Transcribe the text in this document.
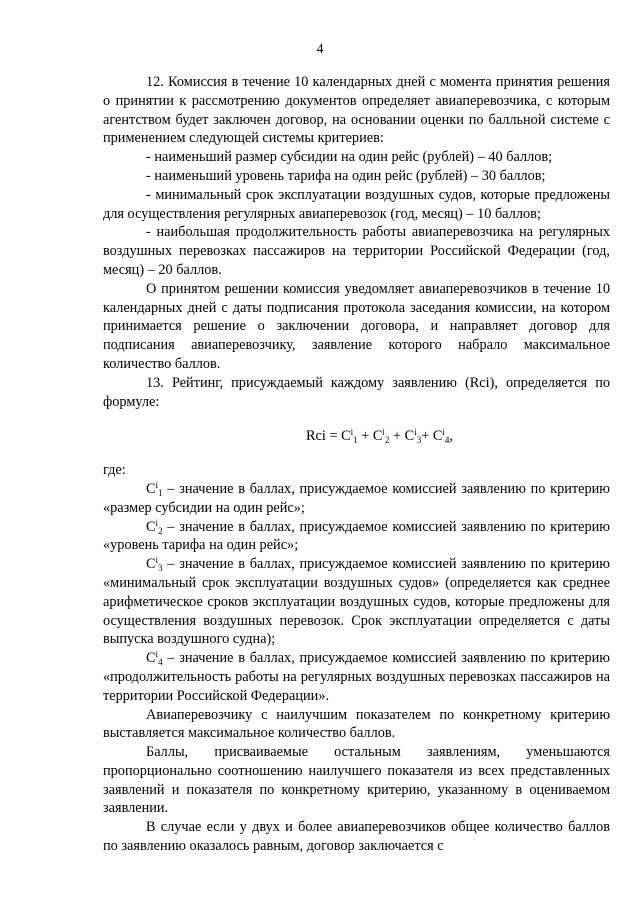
4

12. Комиссия в течение 10 календарных дней с момента принятия решения о принятии к рассмотрению документов определяет авиаперевозчика, с которым агентством будет заключен договор, на основании оценки по балльной системе с применением следующей системы критериев:

- наименьший размер субсидии на один рейс (рублей) – 40 баллов;

- наименьший уровень тарифа на один рейс (рублей) – 30 баллов;

- минимальный срок эксплуатации воздушных судов, которые предложены для осуществления регулярных авиаперевозок (год, месяц) – 10 баллов;

- наибольшая продолжительность работы авиаперевозчика на регулярных воздушных перевозках пассажиров на территории Российской Федерации (год, месяц) – 20 баллов.

О принятом решении комиссия уведомляет авиаперевозчиков в течение 10 календарных дней с даты подписания протокола заседания комиссии, на котором принимается решение о заключении договора, и направляет договор для подписания авиаперевозчику, заявление которого набрало максимальное количество баллов.

13. Рейтинг, присуждаемый каждому заявлению (Rci), определяется по формуле:

Rci = $C^i_1 + C^i_2 + C^i_3+ C^i_4$,

где:

$C^i_1$ – значение в баллах, присуждаемое комиссией заявлению по критерию «размер субсидии на один рейс»;

$C^i_2$ – значение в баллах, присуждаемое комиссией заявлению по критерию «уровень тарифа на один рейс»;

$C^i_3$ – значение в баллах, присуждаемое комиссией заявлению по критерию «минимальный срок эксплуатации воздушных судов» (определяется как среднее арифметическое сроков эксплуатации воздушных судов, которые предложены для осуществления воздушных перевозок. Срок эксплуатации определяется с даты выпуска воздушного судна);

$C^i_4$ – значение в баллах, присуждаемое комиссией заявлению по критерию «продолжительность работы на регулярных воздушных перевозках пассажиров на территории Российской Федерации».

Авиаперевозчику с наилучшим показателем по конкретному критерию выставляется максимальное количество баллов.

Баллы, присваиваемые остальным заявлениям, уменьшаются пропорционально соотношению наилучшего показателя из всех представленных заявлений и показателя по конкретному критерию, указанному в оцениваемом заявлении.

В случае если у двух и более авиаперевозчиков общее количество баллов по заявлению оказалось равным, договор заключается с
